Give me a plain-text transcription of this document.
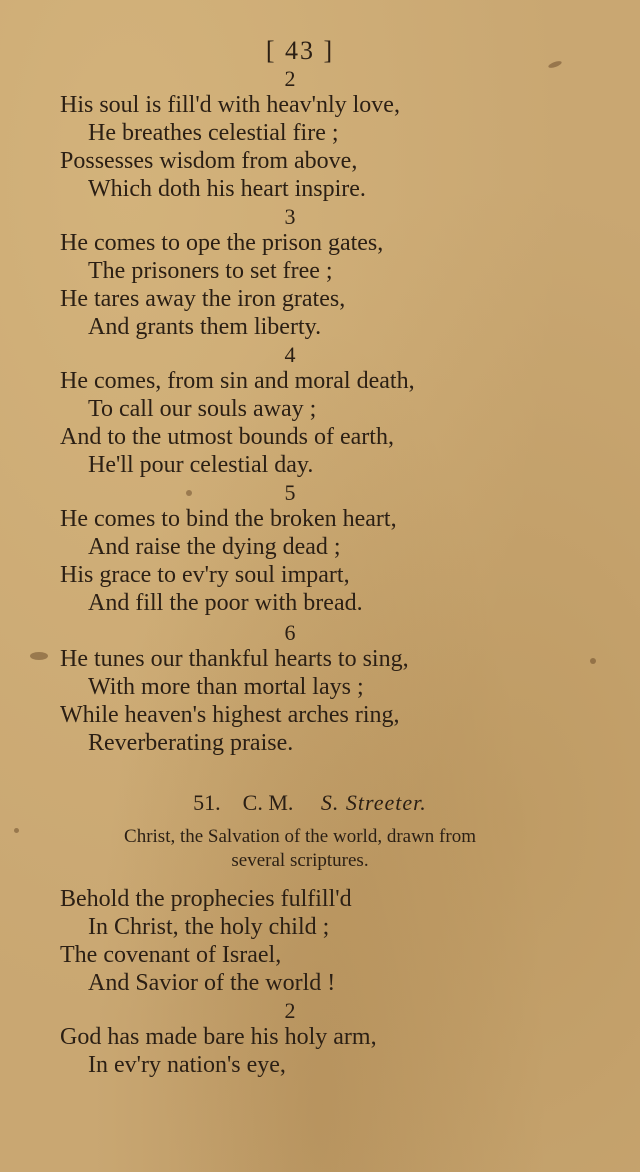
[ 43 ]
2
His soul is fill'd with heav'nly love,
He breathes celestial fire ;
Possesses wisdom from above,
Which doth his heart inspire.
3
He comes to ope the prison gates,
The prisoners to set free ;
He tares away the iron grates,
And grants them liberty.
4
He comes, from sin and moral death,
To call our souls away ;
And to the utmost bounds of earth,
He'll pour celestial day.
5
He comes to bind the broken heart,
And raise the dying dead ;
His grace to ev'ry soul impart,
And fill the poor with bread.
6
He tunes our thankful hearts to sing,
With more than mortal lays ;
While heaven's highest arches ring,
Reverberating praise.
51. C. M. S. Streeter.
Christ, the Salvation of the world, drawn from
several scriptures.
Behold the prophecies fulfill'd
In Christ, the holy child ;
The covenant of Israel,
And Savior of the world !
2
God has made bare his holy arm,
In ev'ry nation's eye,
